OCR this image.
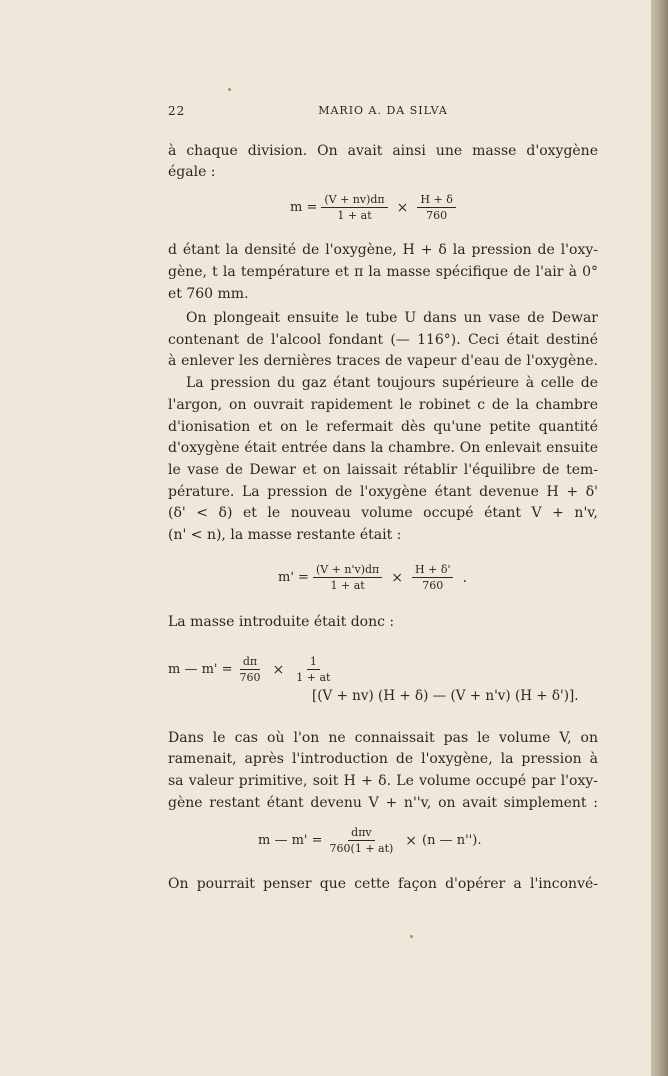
22	MARIO A. DA SILVA
à chaque division. On avait ainsi une masse d'oxygène
égale :
$m = \frac{(V + nv)d\pi}{1 + at} \times \frac{H + \delta}{760}$
d étant la densité de l'oxygène, H + δ la pression de l'oxy-
gène, t la température et π la masse spécifique de l'air à 0°
et 760 mm.
On plongeait ensuite le tube U dans un vase de Dewar
contenant de l'alcool fondant (— 116°). Ceci était destiné
à enlever les dernières traces de vapeur d'eau de l'oxygène.
La pression du gaz étant toujours supérieure à celle de
l'argon, on ouvrait rapidement le robinet c de la chambre
d'ionisation et on le refermait dès qu'une petite quantité
d'oxygène était entrée dans la chambre. On enlevait ensuite
le vase de Dewar et on laissait rétablir l'équilibre de tem-
pérature. La pression de l'oxygène étant devenue H + δ'
(δ' < δ) et le nouveau volume occupé étant V + n'v,
(n' < n), la masse restante était :
$m' = \frac{(V + n'v)d\pi}{1 + at} \times \frac{H + \delta'}{760}$ .
La masse introduite était donc :
m — $m' = \frac{d\pi}{760} \times \frac{1}{1 + at}$
[(V + nv) (H + δ) — (V + n'v) (H + δ')].
Dans le cas où l'on ne connaissait pas le volume V, on
ramenait, après l'introduction de l'oxygène, la pression à
sa valeur primitive, soit H + δ. Le volume occupé par l'oxy-
gène restant étant devenu V + n''v, on avait simplement :
m — $m' = \frac{\text{dπv}}{760(1 + at)} \times (n$ — n'').
On pourrait penser que cette façon d'opérer a l'inconvé-
